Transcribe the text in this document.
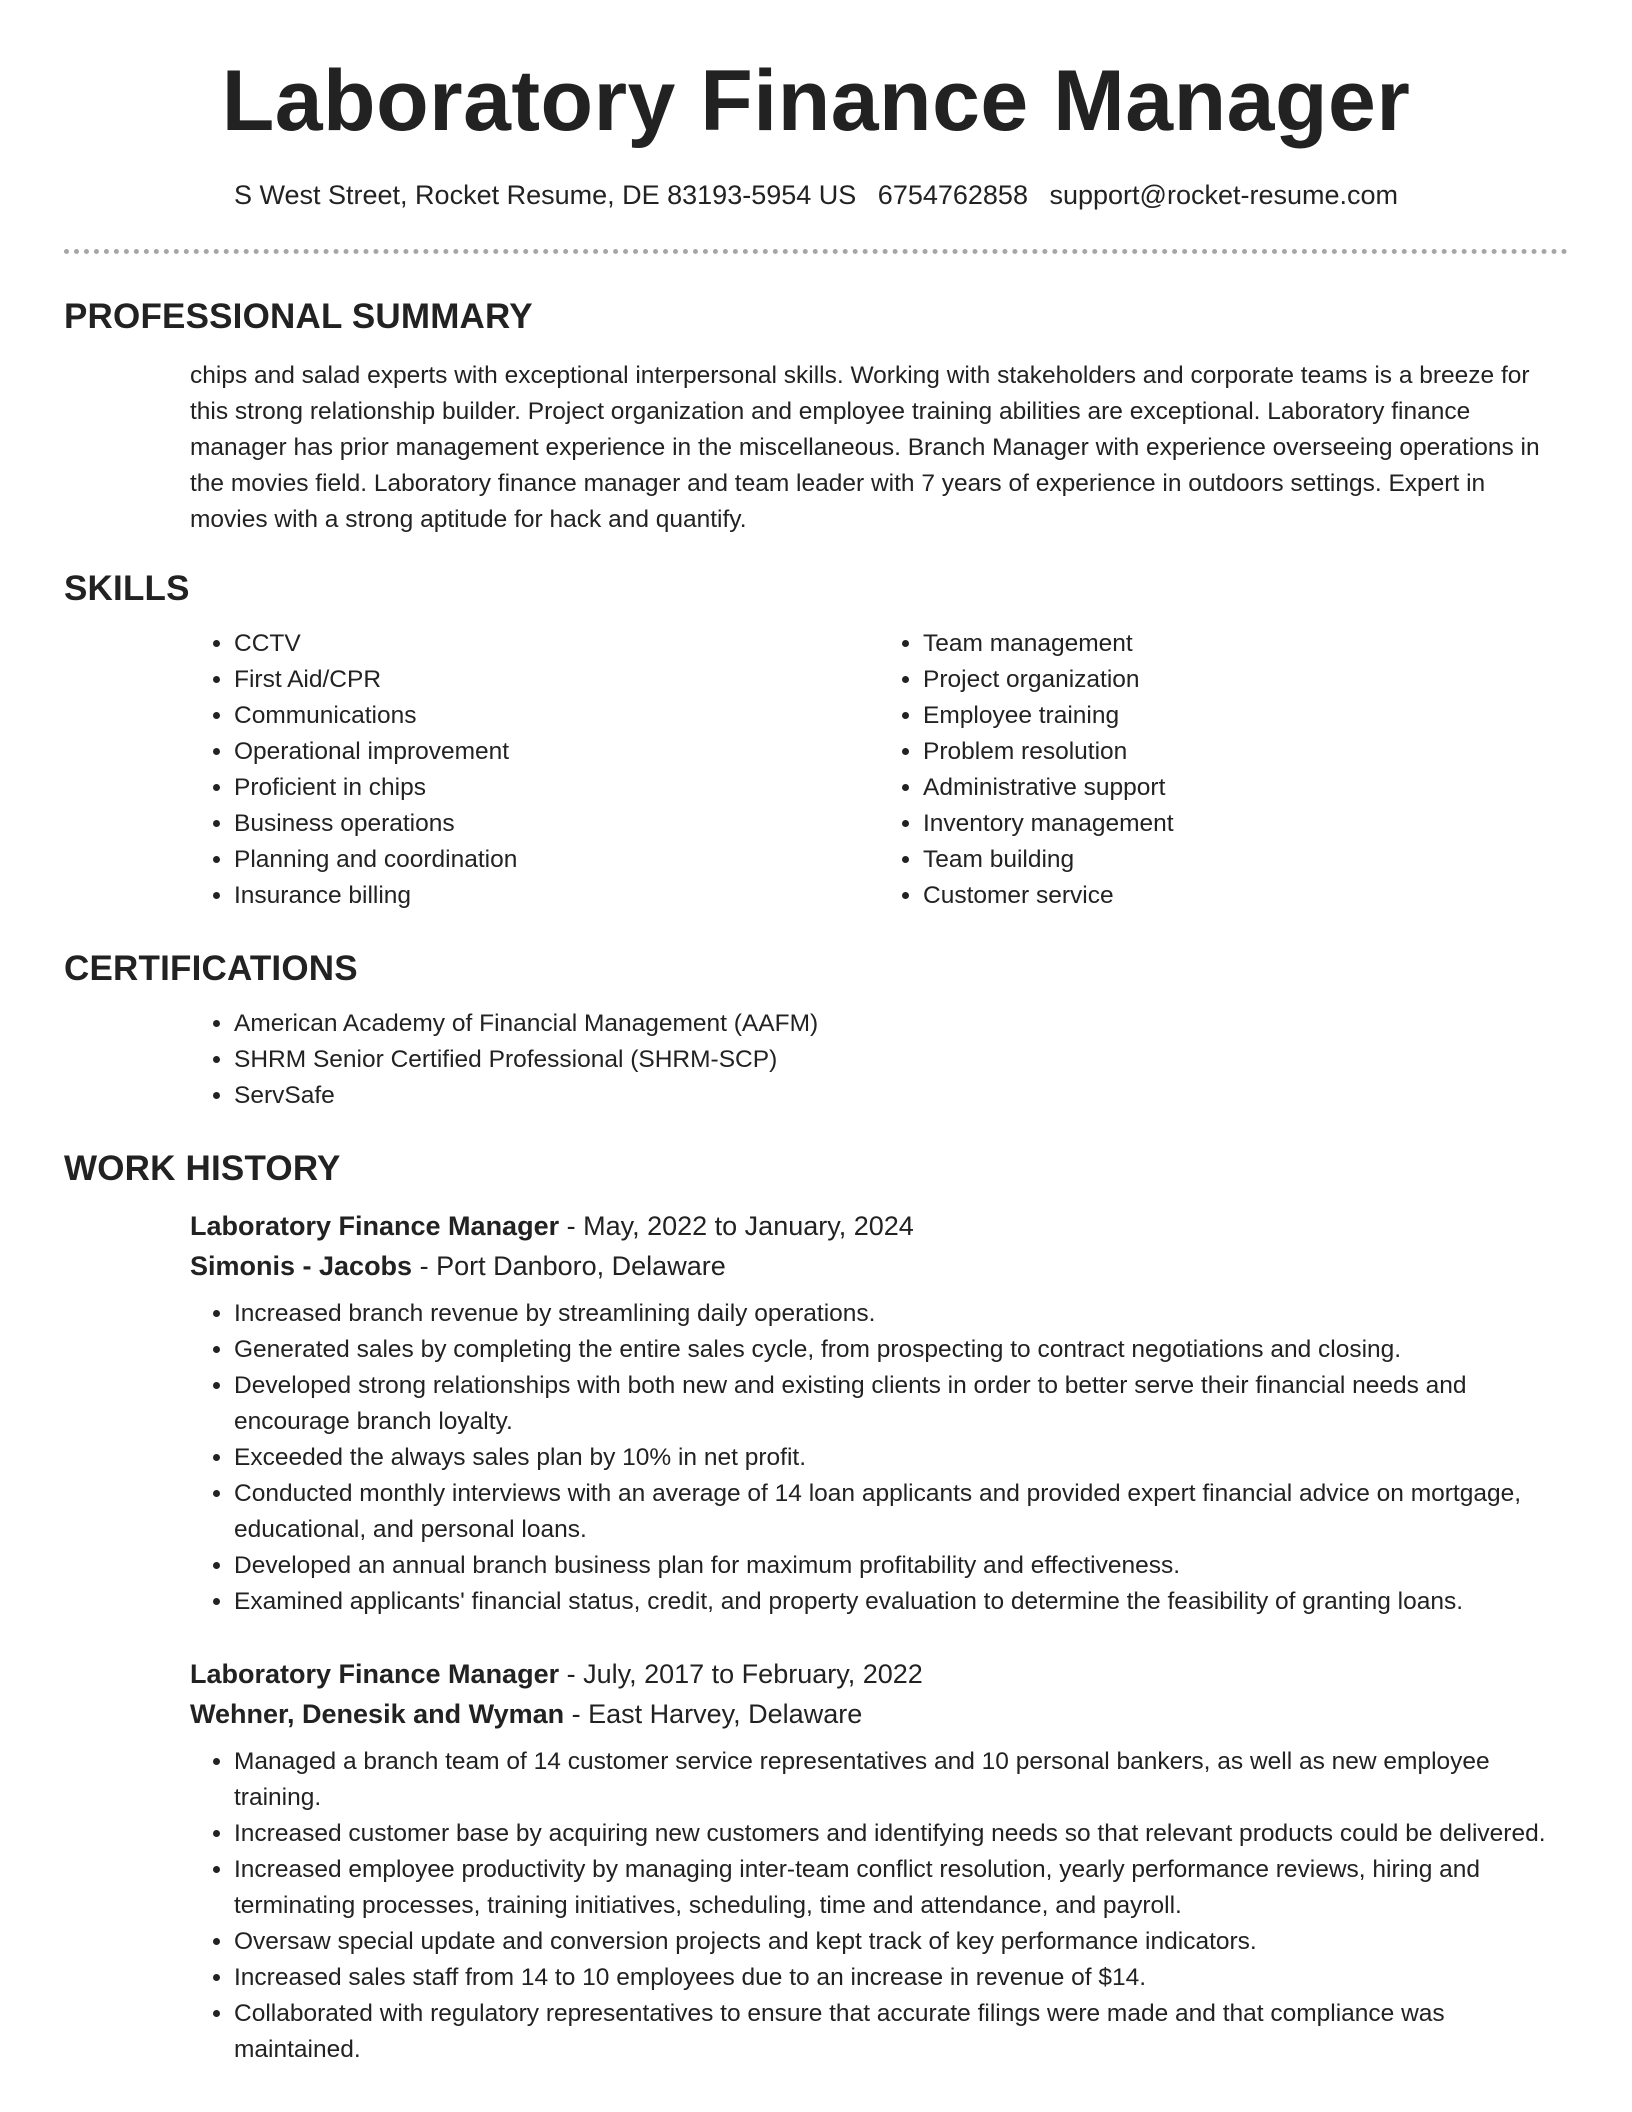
Laboratory Finance Manager
S West Street, Rocket Resume, DE 83193-5954 US 6754762858 support@rocket-resume.com
PROFESSIONAL SUMMARY
chips and salad experts with exceptional interpersonal skills. Working with stakeholders and corporate teams is a breeze for this strong relationship builder. Project organization and employee training abilities are exceptional. Laboratory finance manager has prior management experience in the miscellaneous. Branch Manager with experience overseeing operations in the movies field. Laboratory finance manager and team leader with 7 years of experience in outdoors settings. Expert in movies with a strong aptitude for hack and quantify.
SKILLS
• CCTV
• First Aid/CPR
• Communications
• Operational improvement
• Proficient in chips
• Business operations
• Planning and coordination
• Insurance billing
• Team management
• Project organization
• Employee training
• Problem resolution
• Administrative support
• Inventory management
• Team building
• Customer service
CERTIFICATIONS
• American Academy of Financial Management (AAFM)
• SHRM Senior Certified Professional (SHRM-SCP)
• ServSafe
WORK HISTORY
Laboratory Finance Manager - May, 2022 to January, 2024
Simonis - Jacobs - Port Danboro, Delaware
• Increased branch revenue by streamlining daily operations.
• Generated sales by completing the entire sales cycle, from prospecting to contract negotiations and closing.
• Developed strong relationships with both new and existing clients in order to better serve their financial needs and encourage branch loyalty.
• Exceeded the always sales plan by 10% in net profit.
• Conducted monthly interviews with an average of 14 loan applicants and provided expert financial advice on mortgage, educational, and personal loans.
• Developed an annual branch business plan for maximum profitability and effectiveness.
• Examined applicants' financial status, credit, and property evaluation to determine the feasibility of granting loans.
Laboratory Finance Manager - July, 2017 to February, 2022
Wehner, Denesik and Wyman - East Harvey, Delaware
• Managed a branch team of 14 customer service representatives and 10 personal bankers, as well as new employee training.
• Increased customer base by acquiring new customers and identifying needs so that relevant products could be delivered.
• Increased employee productivity by managing inter-team conflict resolution, yearly performance reviews, hiring and terminating processes, training initiatives, scheduling, time and attendance, and payroll.
• Oversaw special update and conversion projects and kept track of key performance indicators.
• Increased sales staff from 14 to 10 employees due to an increase in revenue of $14.
• Collaborated with regulatory representatives to ensure that accurate filings were made and that compliance was maintained.
